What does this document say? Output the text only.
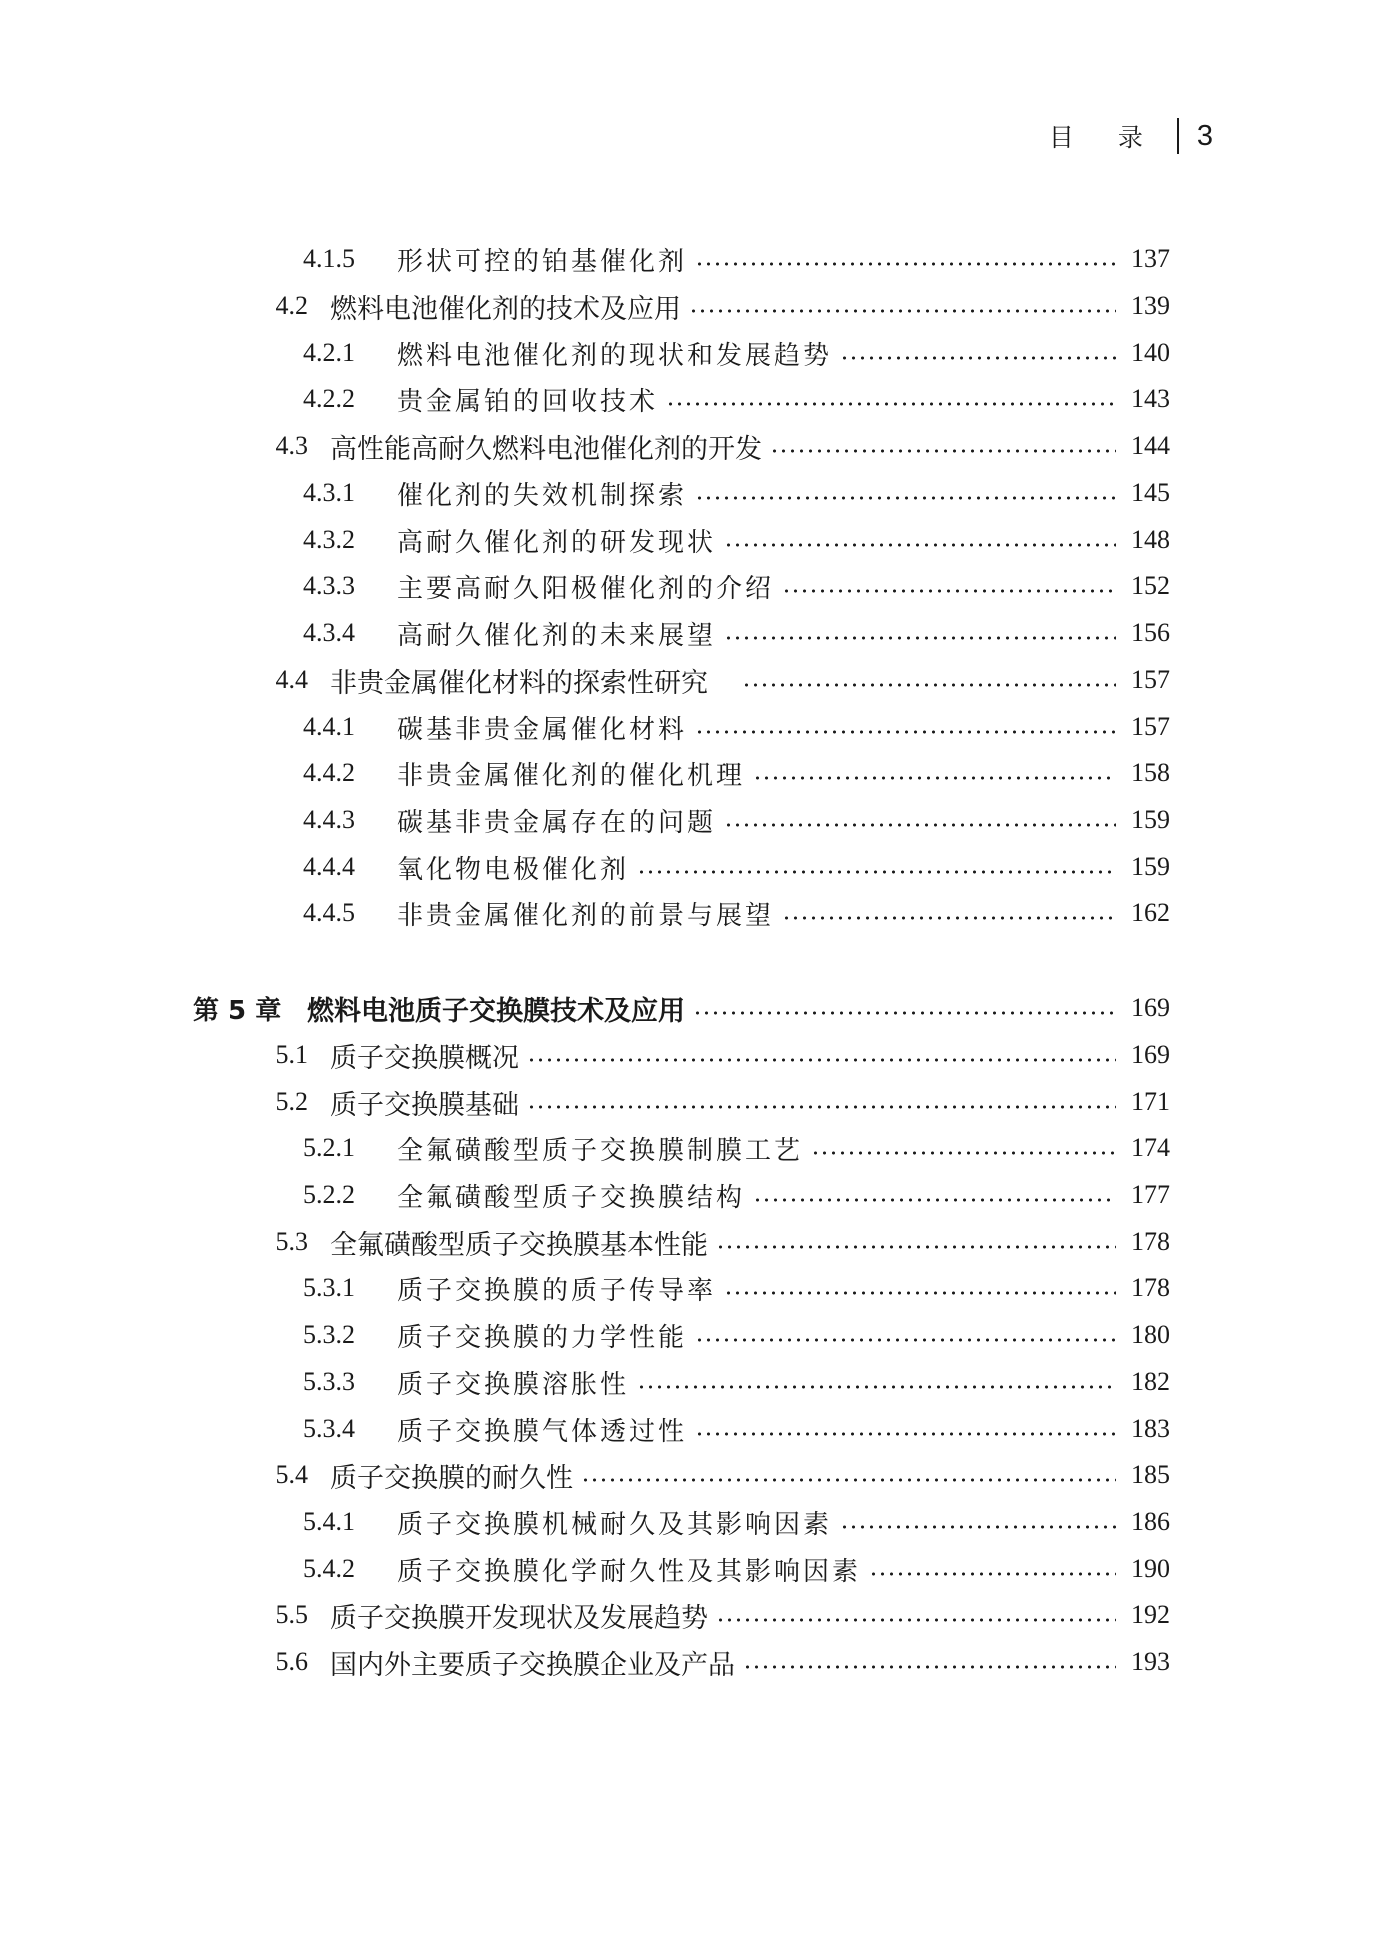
目 录 3
4.1.5	形状可控的铂基催化剂	137
4.2 燃料电池催化剂的技术及应用	139
4.2.1	燃料电池催化剂的现状和发展趋势	140
4.2.2	贵金属铂的回收技术	143
4.3 高性能高耐久燃料电池催化剂的开发	144
4.3.1	催化剂的失效机制探索	145
4.3.2	高耐久催化剂的研发现状	148
4.3.3	主要高耐久阳极催化剂的介绍	152
4.3.4	高耐久催化剂的未来展望	156
4.4 非贵金属催化材料的探索性研究	157
4.4.1	碳基非贵金属催化材料	157
4.4.2	非贵金属催化剂的催化机理	158
4.4.3	碳基非贵金属存在的问题	159
4.4.4	氧化物电极催化剂	159
4.4.5	非贵金属催化剂的前景与展望	162
第 5 章 燃料电池质子交换膜技术及应用	169
5.1 质子交换膜概况	169
5.2 质子交换膜基础	171
5.2.1	全氟磺酸型质子交换膜制膜工艺	174
5.2.2	全氟磺酸型质子交换膜结构	177
5.3 全氟磺酸型质子交换膜基本性能	178
5.3.1	质子交换膜的质子传导率	178
5.3.2	质子交换膜的力学性能	180
5.3.3	质子交换膜溶胀性	182
5.3.4	质子交换膜气体透过性	183
5.4 质子交换膜的耐久性	185
5.4.1	质子交换膜机械耐久及其影响因素	186
5.4.2	质子交换膜化学耐久性及其影响因素	190
5.5 质子交换膜开发现状及发展趋势	192
5.6 国内外主要质子交换膜企业及产品	193
